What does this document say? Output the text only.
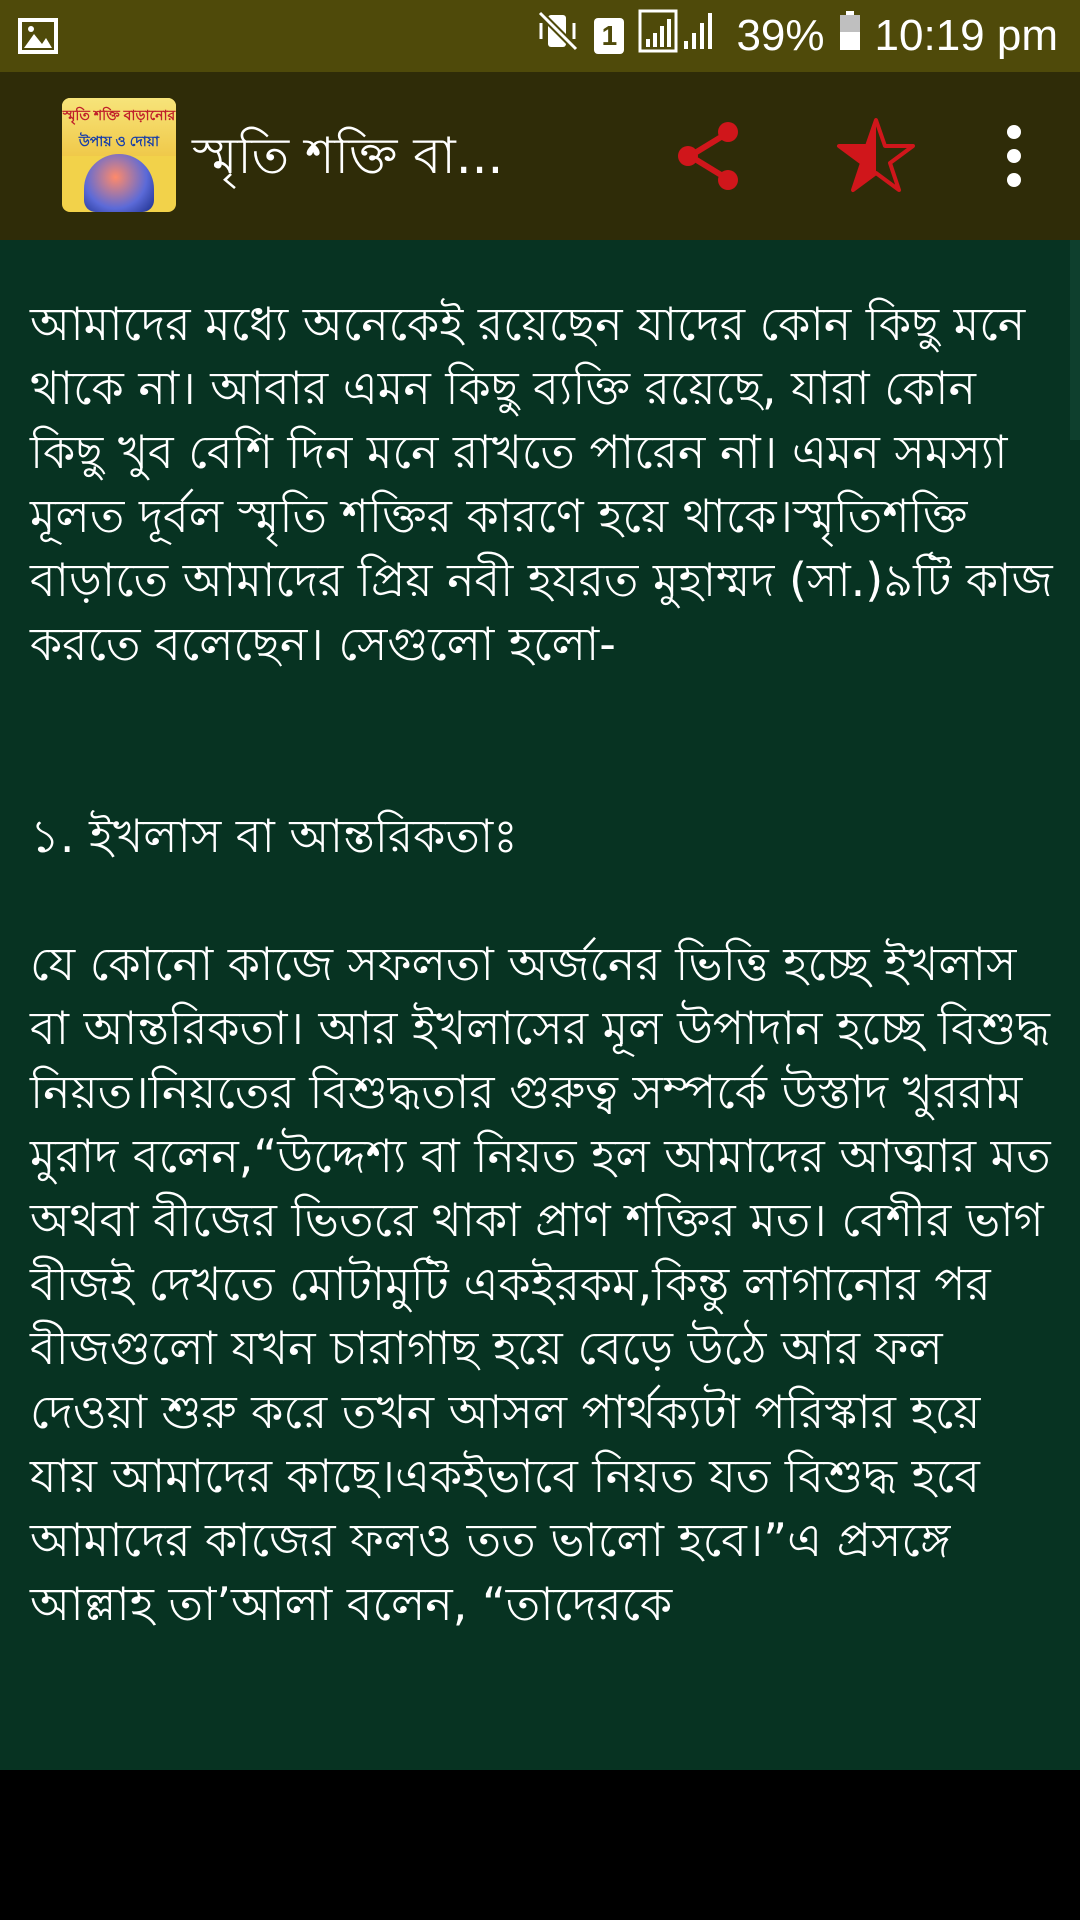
1	39% 10:19 pm
স্মৃতি শক্তি বাড়ানোর
উপায় ও দোয়া স্মৃতি শক্তি বা...

আমাদের মধ্যে অনেকেই রয়েছেন যাদের কোন কিছু মনে থাকে না। আবার এমন কিছু ব্যক্তি রয়েছে, যারা কোন কিছু খুব বেশি দিন মনে রাখতে পারেন না। এমন সমস্যা মূলত দূর্বল স্মৃতি শক্তির কারণে হয়ে থাকে।স্মৃতিশক্তি বাড়াতে আমাদের প্রিয় নবী হযরত মুহাম্মদ (সা.)৯টি কাজ করতে বলেছেন। সেগুলো হলো-

১. ইখলাস বা আন্তরিকতাঃ

যে কোনো কাজে সফলতা অর্জনের ভিত্তি হচ্ছে ইখলাস বা আন্তরিকতা। আর ইখলাসের মূল উপাদান হচ্ছে বিশুদ্ধ নিয়ত।নিয়তের বিশুদ্ধতার গুরুত্ব সম্পর্কে উস্তাদ খুররাম মুরাদ বলেন,“উদ্দেশ্য বা নিয়ত হল আমাদের আত্মার মত অথবা বীজের ভিতরে থাকা প্রাণ শক্তির মত। বেশীর ভাগ বীজই দেখতে মোটামুটি একইরকম,কিন্তু লাগানোর পর বীজগুলো যখন চারাগাছ হয়ে বেড়ে উঠে আর ফল দেওয়া শুরু করে তখন আসল পার্থক্যটা পরিস্কার হয়ে যায় আমাদের কাছে।একইভাবে নিয়ত যত বিশুদ্ধ হবে আমাদের কাজের ফলও তত ভালো হবে।”এ প্রসঙ্গে আল্লাহ তা’আলা বলেন, “তাদেরকে
